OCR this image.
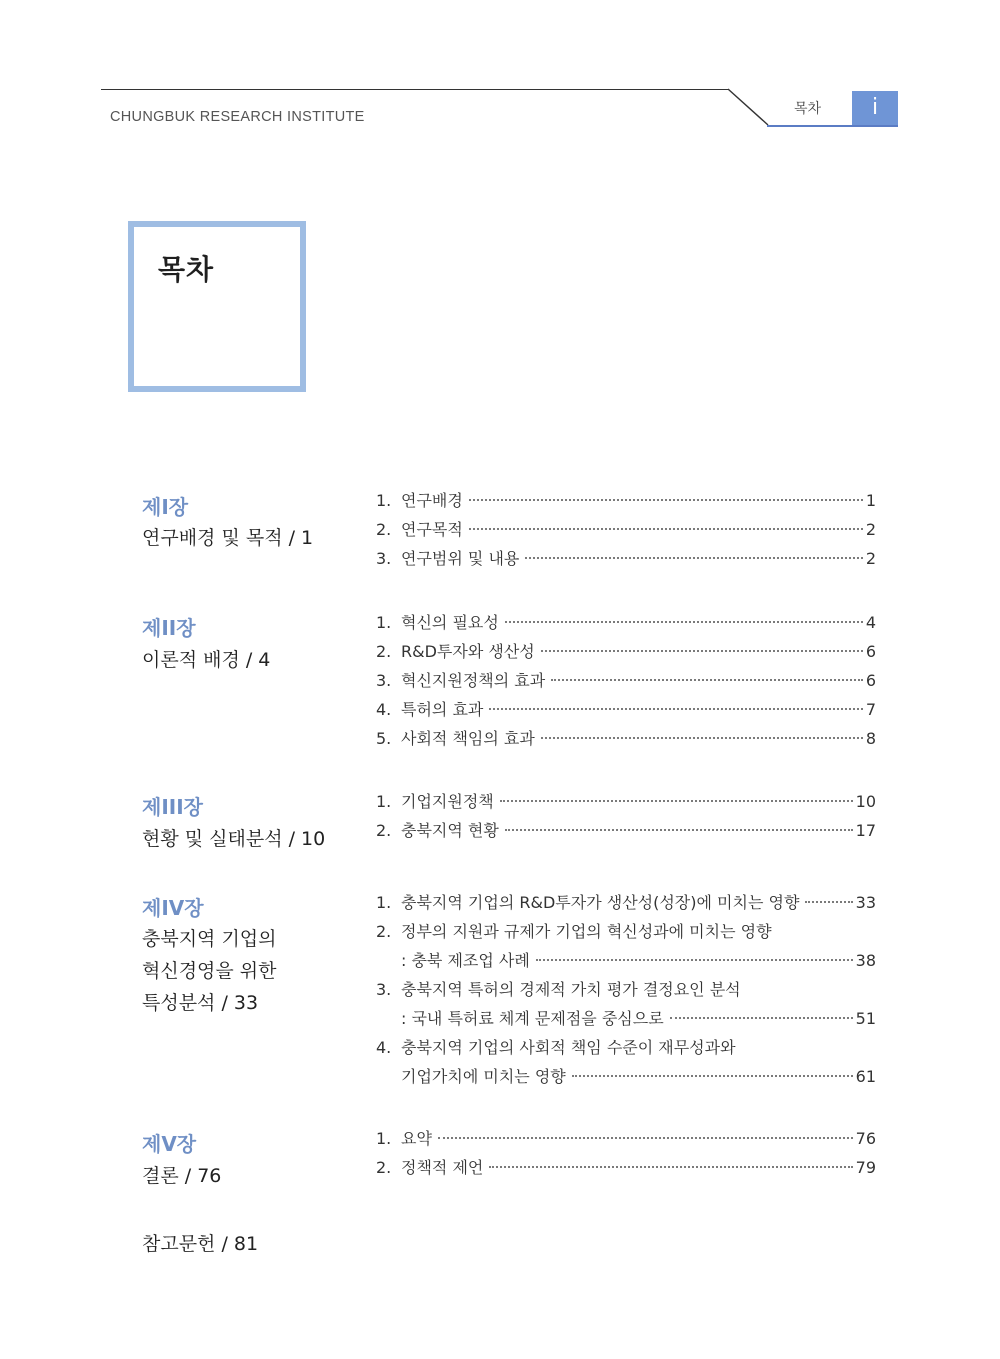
CHUNGBUK RESEARCH INSTITUTE	목차	i
목차
제I장
연구배경 및 목적 / 1
1. 연구배경	1
2. 연구목적	2
3. 연구범위 및 내용	2
제II장
이론적 배경 / 4
1. 혁신의 필요성	4
2. R&D투자와 생산성	6
3. 혁신지원정책의 효과	6
4. 특허의 효과	7
5. 사회적 책임의 효과	8
제III장
현황 및 실태분석 / 10
1. 기업지원정책	10
2. 충북지역 현황	17
제IV장
충북지역 기업의
혁신경영을 위한
특성분석 / 33
1. 충북지역 기업의 R&D투자가 생산성(성장)에 미치는 영향	33
2. 정부의 지원과 규제가 기업의 혁신성과에 미치는 영향
: 충북 제조업 사례	38
3. 충북지역 특허의 경제적 가치 평가 결정요인 분석
: 국내 특허료 체계 문제점을 중심으로	51
4. 충북지역 기업의 사회적 책임 수준이 재무성과와
기업가치에 미치는 영향	61
제V장
결론 / 76
1. 요약	76
2. 정책적 제언	79
참고문헌 / 81
